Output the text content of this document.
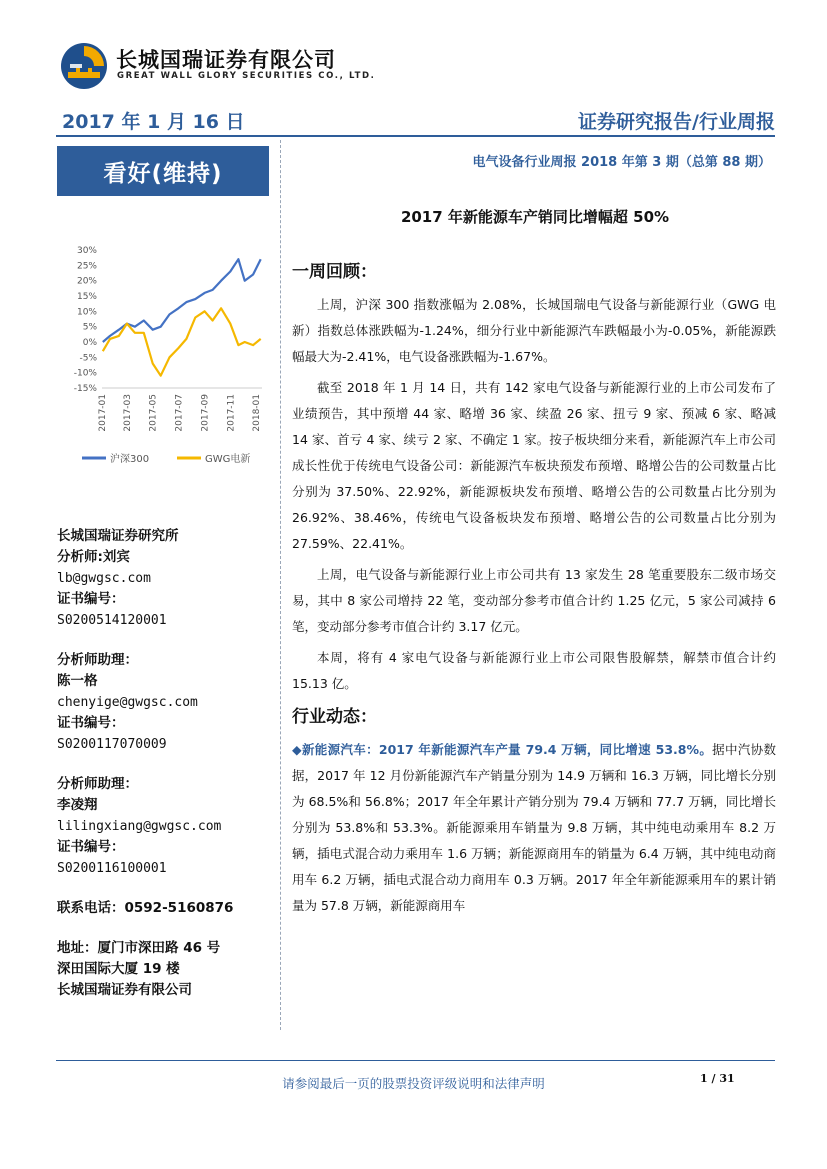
长城国瑞证券有限公司
GREAT WALL GLORY SECURITIES CO., LTD.
2017 年 1 月 16 日	证券研究报告/行业周报
看好(维持)	电气设备行业周报 2018 年第 3 期（总第 88 期）
2017 年新能源车产销同比增幅超 50%
30%
25%
20%
15%
10%
5%
0%
-5%
-10%
-15%
2017-01 2017-03 2017-05 2017-07 2017-09 2017-11 2018-01
沪深300	GWG电新
长城国瑞证券研究所
分析师:刘宾
lb@gwgsc.com
证书编号：
S0200514120001
分析师助理：
陈一格
chenyige@gwgsc.com
证书编号：
S0200117070009
分析师助理：
李凌翔
lilingxiang@gwgsc.com
证书编号：
S0200116100001
联系电话：0592-5160876
地址：厦门市深田路 46 号
深田国际大厦 19 楼
长城国瑞证券有限公司
一周回顾：

上周，沪深 300 指数涨幅为 2.08%，长城国瑞电气设备与新能源行业（GWG 电新）指数总体涨跌幅为-1.24%，细分行业中新能源汽车跌幅最小为-0.05%，新能源跌幅最大为-2.41%，电气设备涨跌幅为-1.67%。

截至 2018 年 1 月 14 日，共有 142 家电气设备与新能源行业的上市公司发布了业绩预告，其中预增 44 家、略增 36 家、续盈 26 家、扭亏 9 家、预减 6 家、略减 14 家、首亏 4 家、续亏 2 家、不确定 1 家。按子板块细分来看，新能源汽车上市公司成长性优于传统电气设备公司：新能源汽车板块预发布预增、略增公告的公司数量占比分别为 37.50%、22.92%，新能源板块发布预增、略增公告的公司数量占比分别为 26.92%、38.46%，传统电气设备板块发布预增、略增公告的公司数量占比分别为 27.59%、22.41%。

上周，电气设备与新能源行业上市公司共有 13 家发生 28 笔重要股东二级市场交易，其中 8 家公司增持 22 笔，变动部分参考市值合计约 1.25 亿元，5 家公司减持 6 笔，变动部分参考市值合计约 3.17 亿元。

本周，将有 4 家电气设备与新能源行业上市公司限售股解禁，解禁市值合计约 15.13 亿。

行业动态：

◆新能源汽车：2017 年新能源汽车产量 79.4 万辆，同比增速 53.8%。据中汽协数据，2017 年 12 月份新能源汽车产销量分别为 14.9 万辆和 16.3 万辆，同比增长分别为 68.5%和 56.8%；2017 年全年累计产销分别为 79.4 万辆和 77.7 万辆，同比增长分别为 53.8%和 53.3%。新能源乘用车销量为 9.8 万辆，其中纯电动乘用车 8.2 万辆，插电式混合动力乘用车 1.6 万辆；新能源商用车的销量为 6.4 万辆，其中纯电动商用车 6.2 万辆，插电式混合动力商用车 0.3 万辆。2017 年全年新能源乘用车的累计销量为 57.8 万辆，新能源商用车

请参阅最后一页的股票投资评级说明和法律声明	1 / 31
